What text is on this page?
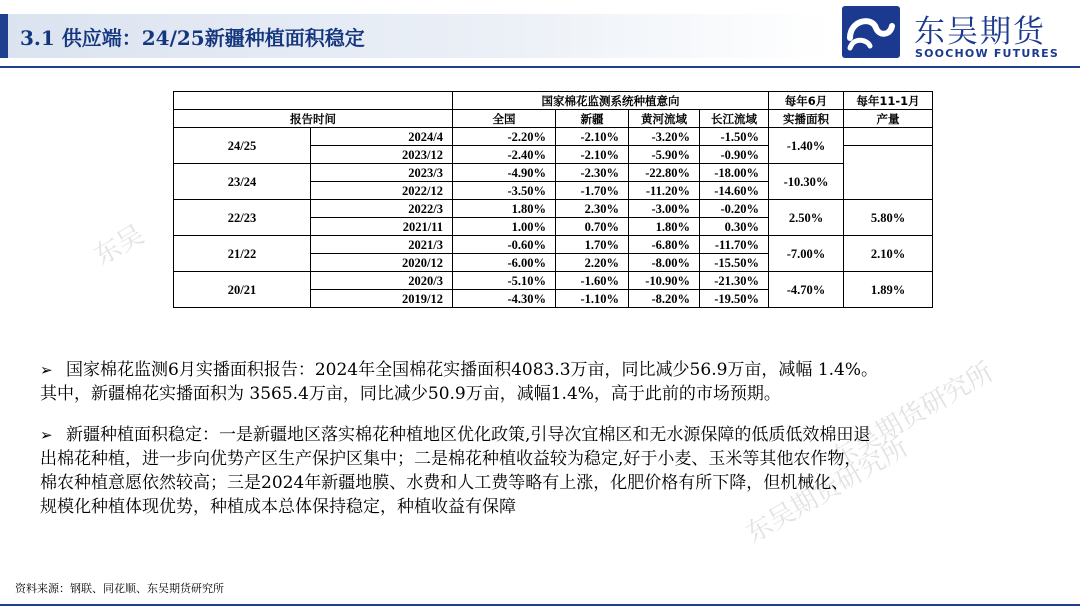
3.1 供应端：24/25新疆种植面积稳定	东吴期货
SOOCHOW FUTURES
东吴
东吴期货研究所
东吴期货研究所
		国家棉花监测系统种植意向				每年6月	每年11-1月
报告时间		全国	新疆	黄河流域	长江流域	实播面积	产量
24/25	2024/4	-2.20%	-2.10%	-3.20%	-1.50%	-1.40%	
	2023/12	-2.40%	-2.10%	-5.90%	-0.90%		
23/24	2023/3	-4.90%	-2.30%	-22.80%	-18.00%	-10.30%	
	2022/12	-3.50%	-1.70%	-11.20%	-14.60%		
22/23	2022/3	1.80%	2.30%	-3.00%	-0.20%	2.50%	5.80%
	2021/11	1.00%	0.70%	1.80%	0.30%		
21/22	2021/3	-0.60%	1.70%	-6.80%	-11.70%	-7.00%	2.10%
	2020/12	-6.00%	2.20%	-8.00%	-15.50%		
20/21	2020/3	-5.10%	-1.60%	-10.90%	-21.30%	-4.70%	1.89%
	2019/12	-4.30%	-1.10%	-8.20%	-19.50%		

➢ 国家棉花监测6月实播面积报告：2024年全国棉花实播面积4083.3万亩，同比减少56.9万亩，减幅 1.4%。

其中，新疆棉花实播面积为 3565.4万亩，同比减少50.9万亩，减幅1.4%，高于此前的市场预期。

➢ 新疆种植面积稳定：一是新疆地区落实棉花种植地区优化政策,引导次宜棉区和无水源保障的低质低效棉田退

出棉花种植，进一步向优势产区生产保护区集中；二是棉花种植收益较为稳定,好于小麦、玉米等其他农作物，

棉农种植意愿依然较高；三是2024年新疆地膜、水费和人工费等略有上涨，化肥价格有所下降，但机械化、

规模化种植体现优势，种植成本总体保持稳定，种植收益有保障

资料来源：钢联、同花顺、东吴期货研究所
